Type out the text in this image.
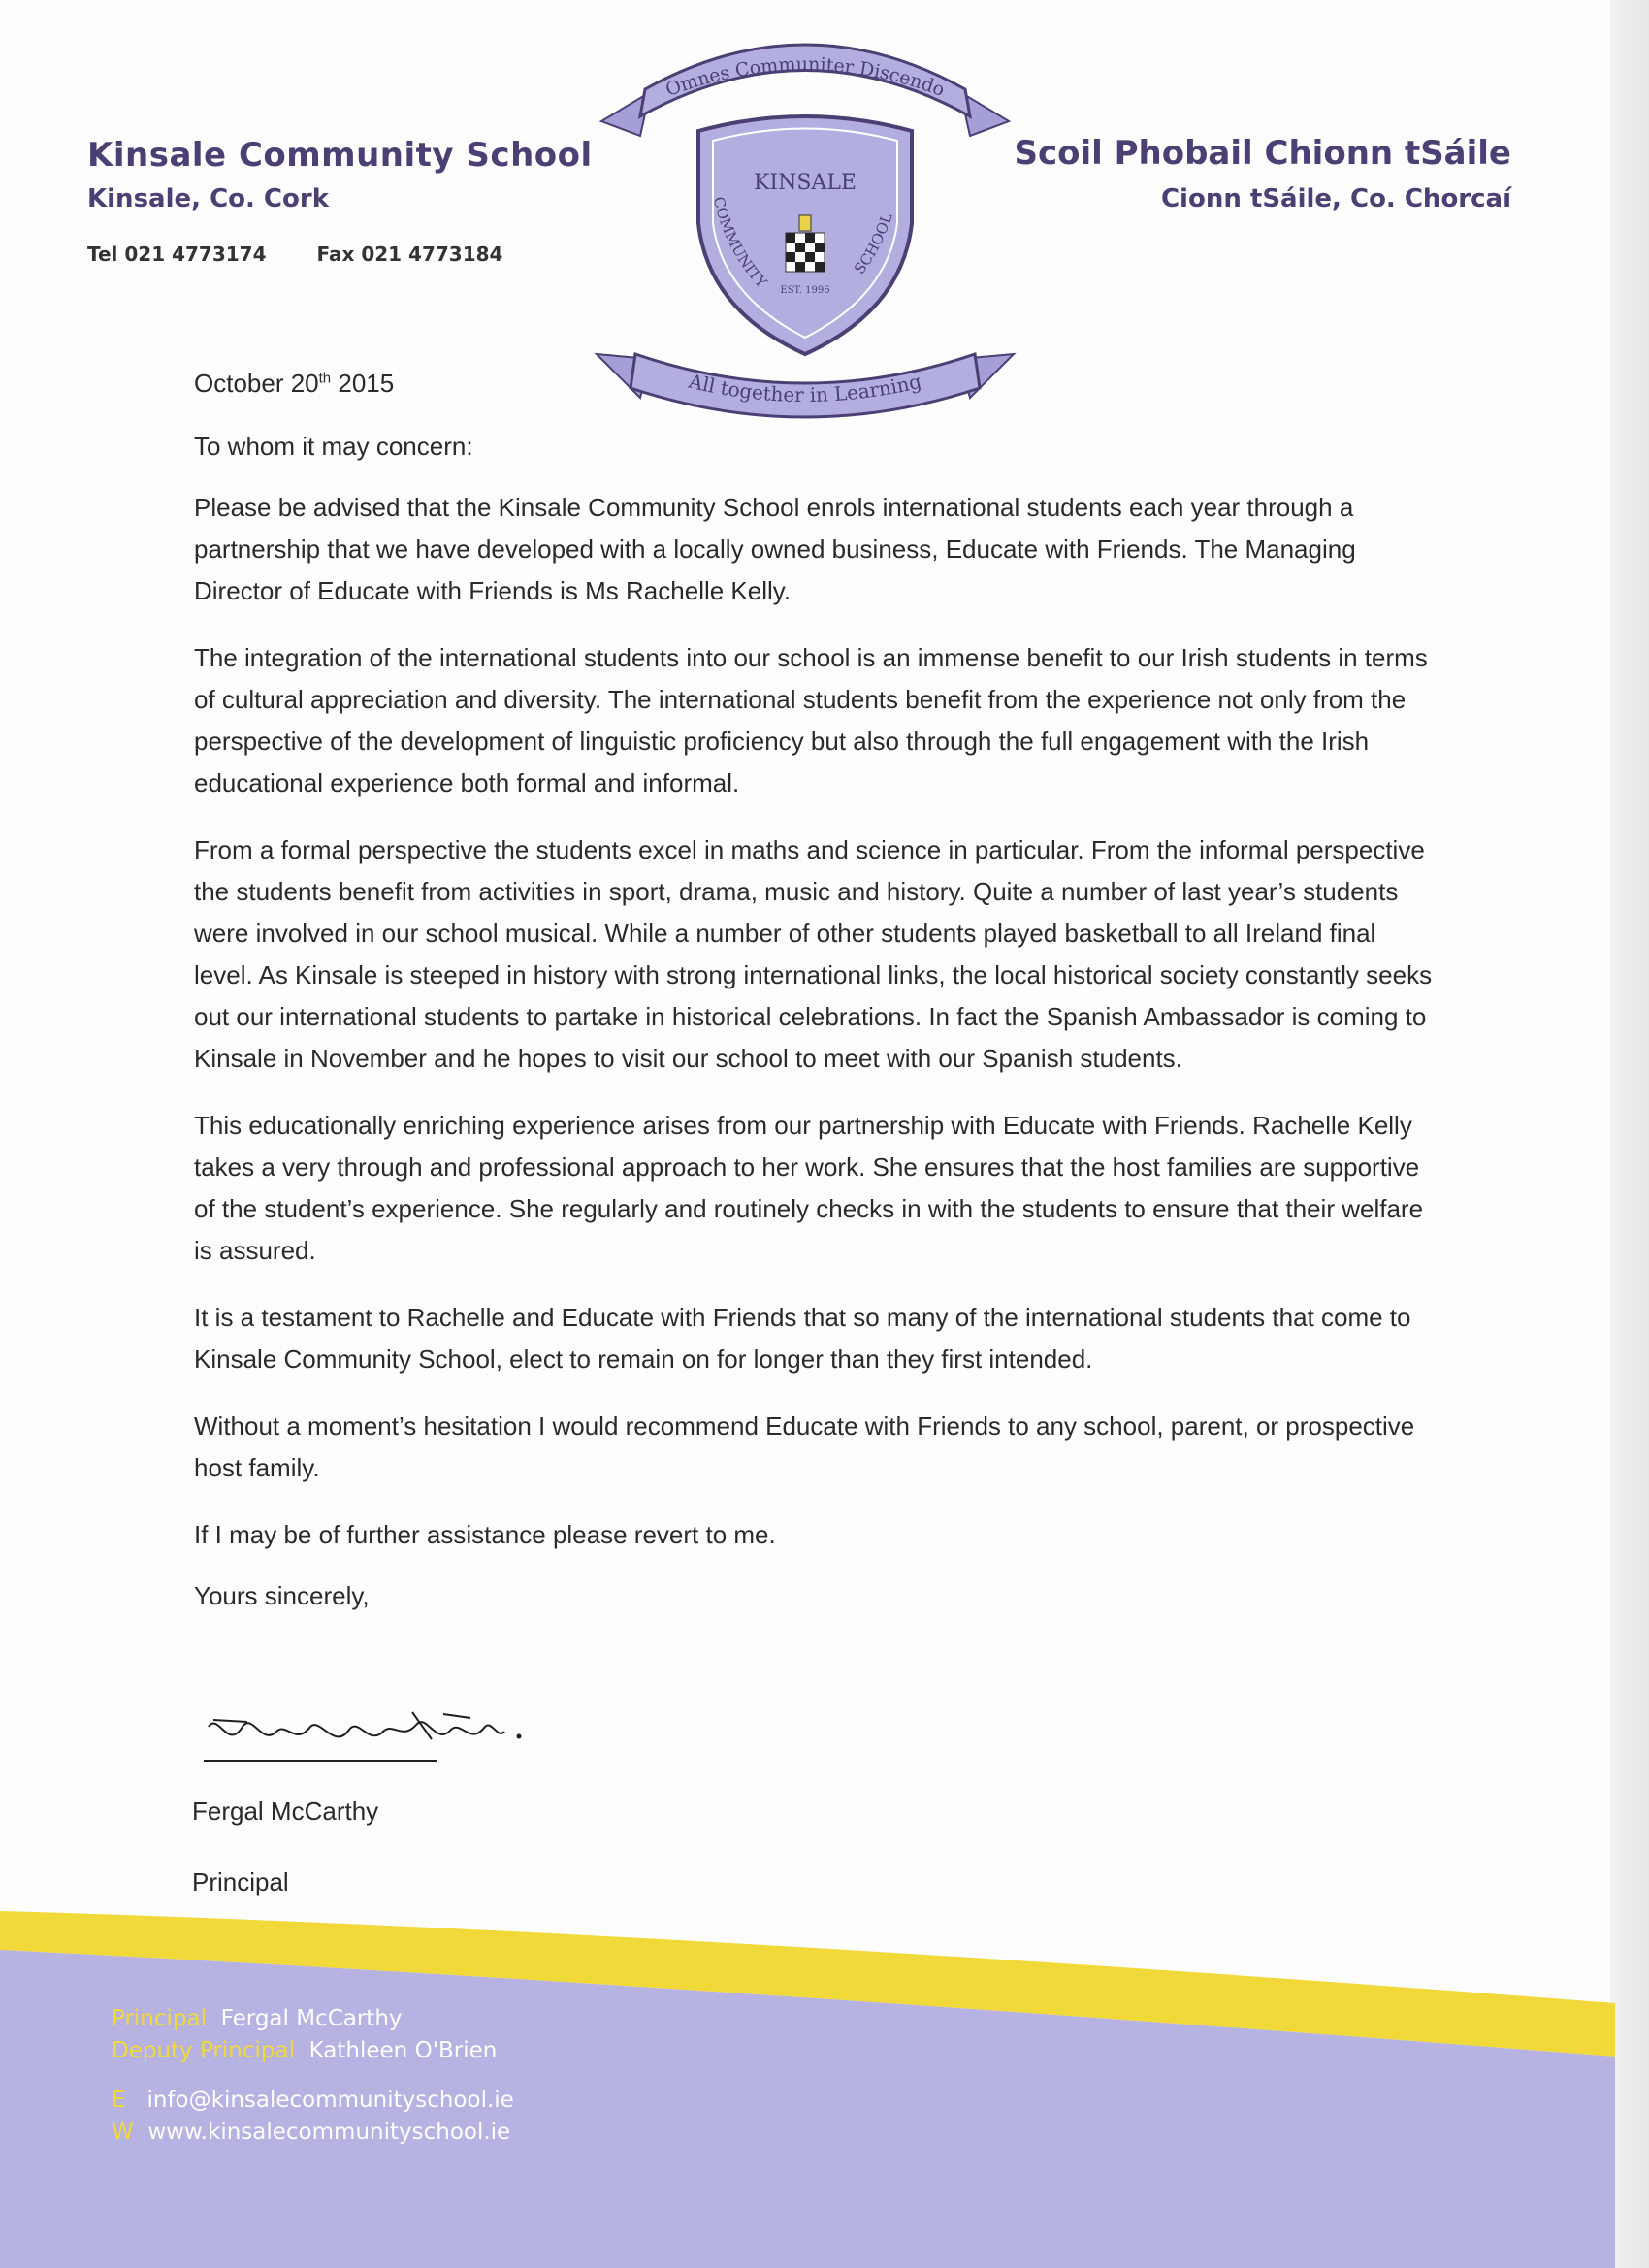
Kinsale Community School

Kinsale, Co. Cork

Tel 021 4773174	Fax 021 4773184

Scoil Phobail Chionn tSáile

Cionn tSáile, Co. Chorcaí

Omnes Communiter Discendo
KINSALE
COMMUNITY
SCHOOL
EST. 1996
All together in Learning

October 20th 2015

To whom it may concern:

Please be advised that the Kinsale Community School enrols international students each year through a partnership that we have developed with a locally owned business, Educate with Friends. The Managing Director of Educate with Friends is Ms Rachelle Kelly.

The integration of the international students into our school is an immense benefit to our Irish students in terms of cultural appreciation and diversity. The international students benefit from the experience not only from the perspective of the development of linguistic proficiency but also through the full engagement with the Irish educational experience both formal and informal.

From a formal perspective the students excel in maths and science in particular. From the informal perspective the students benefit from activities in sport, drama, music and history. Quite a number of last year’s students were involved in our school musical. While a number of other students played basketball to all Ireland final level. As Kinsale is steeped in history with strong international links, the local historical society constantly seeks out our international students to partake in historical celebrations. In fact the Spanish Ambassador is coming to Kinsale in November and he hopes to visit our school to meet with our Spanish students.

This educationally enriching experience arises from our partnership with Educate with Friends. Rachelle Kelly takes a very through and professional approach to her work. She ensures that the host families are supportive of the student’s experience. She regularly and routinely checks in with the students to ensure that their welfare is assured.

It is a testament to Rachelle and Educate with Friends that so many of the international students that come to Kinsale Community School, elect to remain on for longer than they first intended.

Without a moment’s hesitation I would recommend Educate with Friends to any school, parent, or prospective host family.

If I may be of further assistance please revert to me.

Yours sincerely,

Fergal McCarthy
Principal
Principal Fergal McCarthy
Deputy Principal Kathleen O'Brien
E info@kinsalecommunityschool.ie
W www.kinsalecommunityschool.ie
